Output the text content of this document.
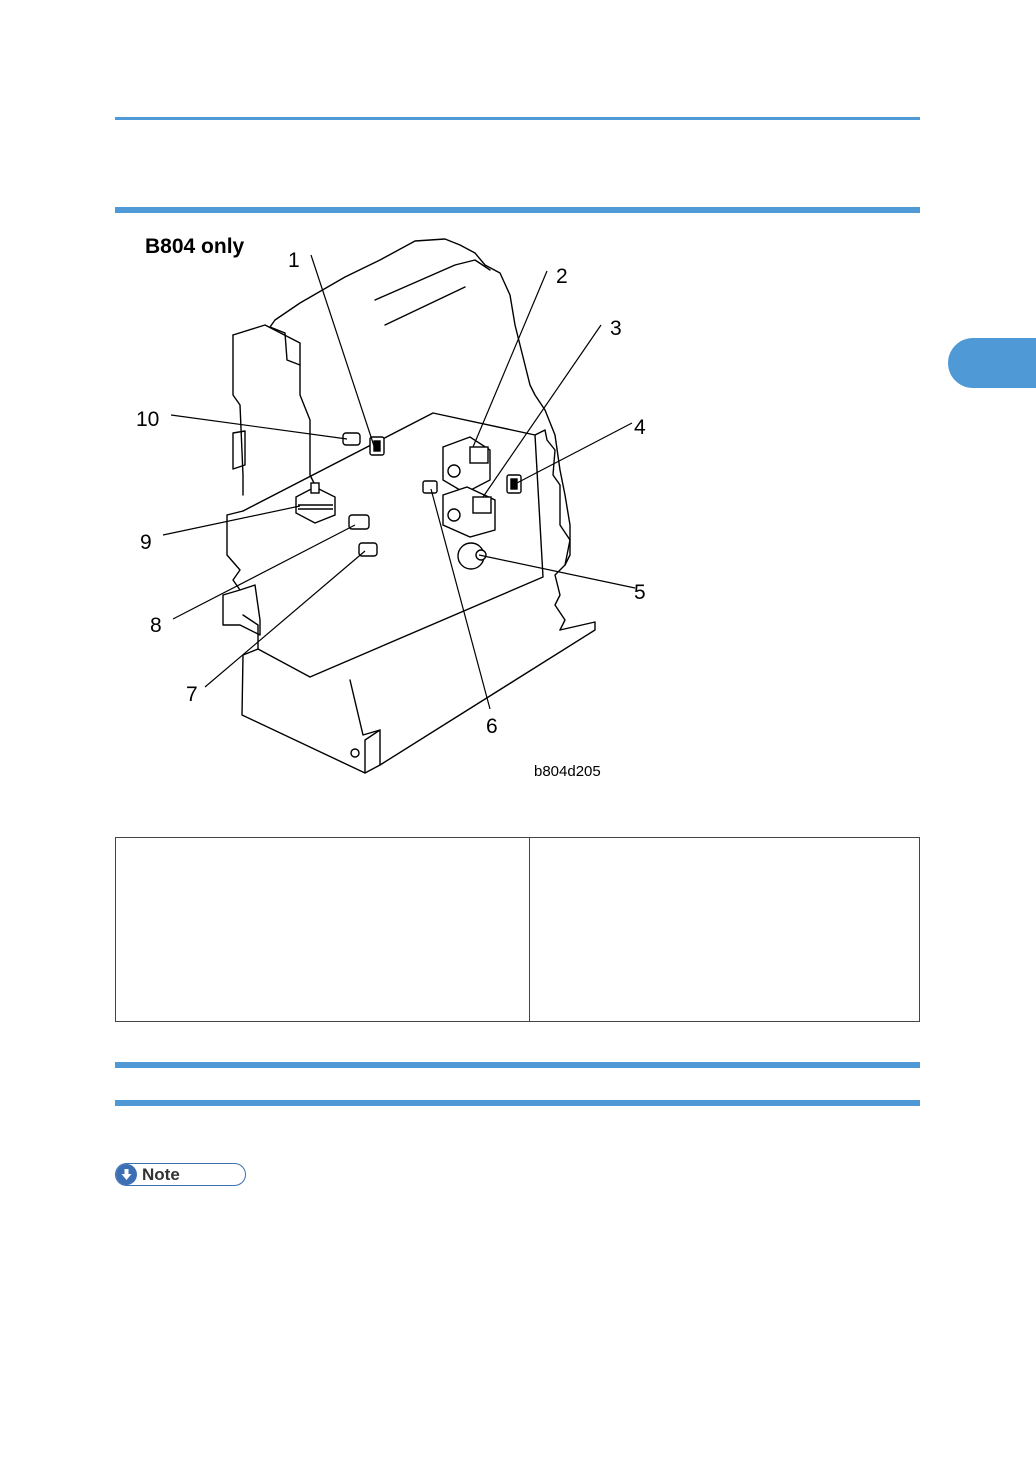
B804 only
1
2
3
4
5
6
7
8
9
10
b804d205
Note
